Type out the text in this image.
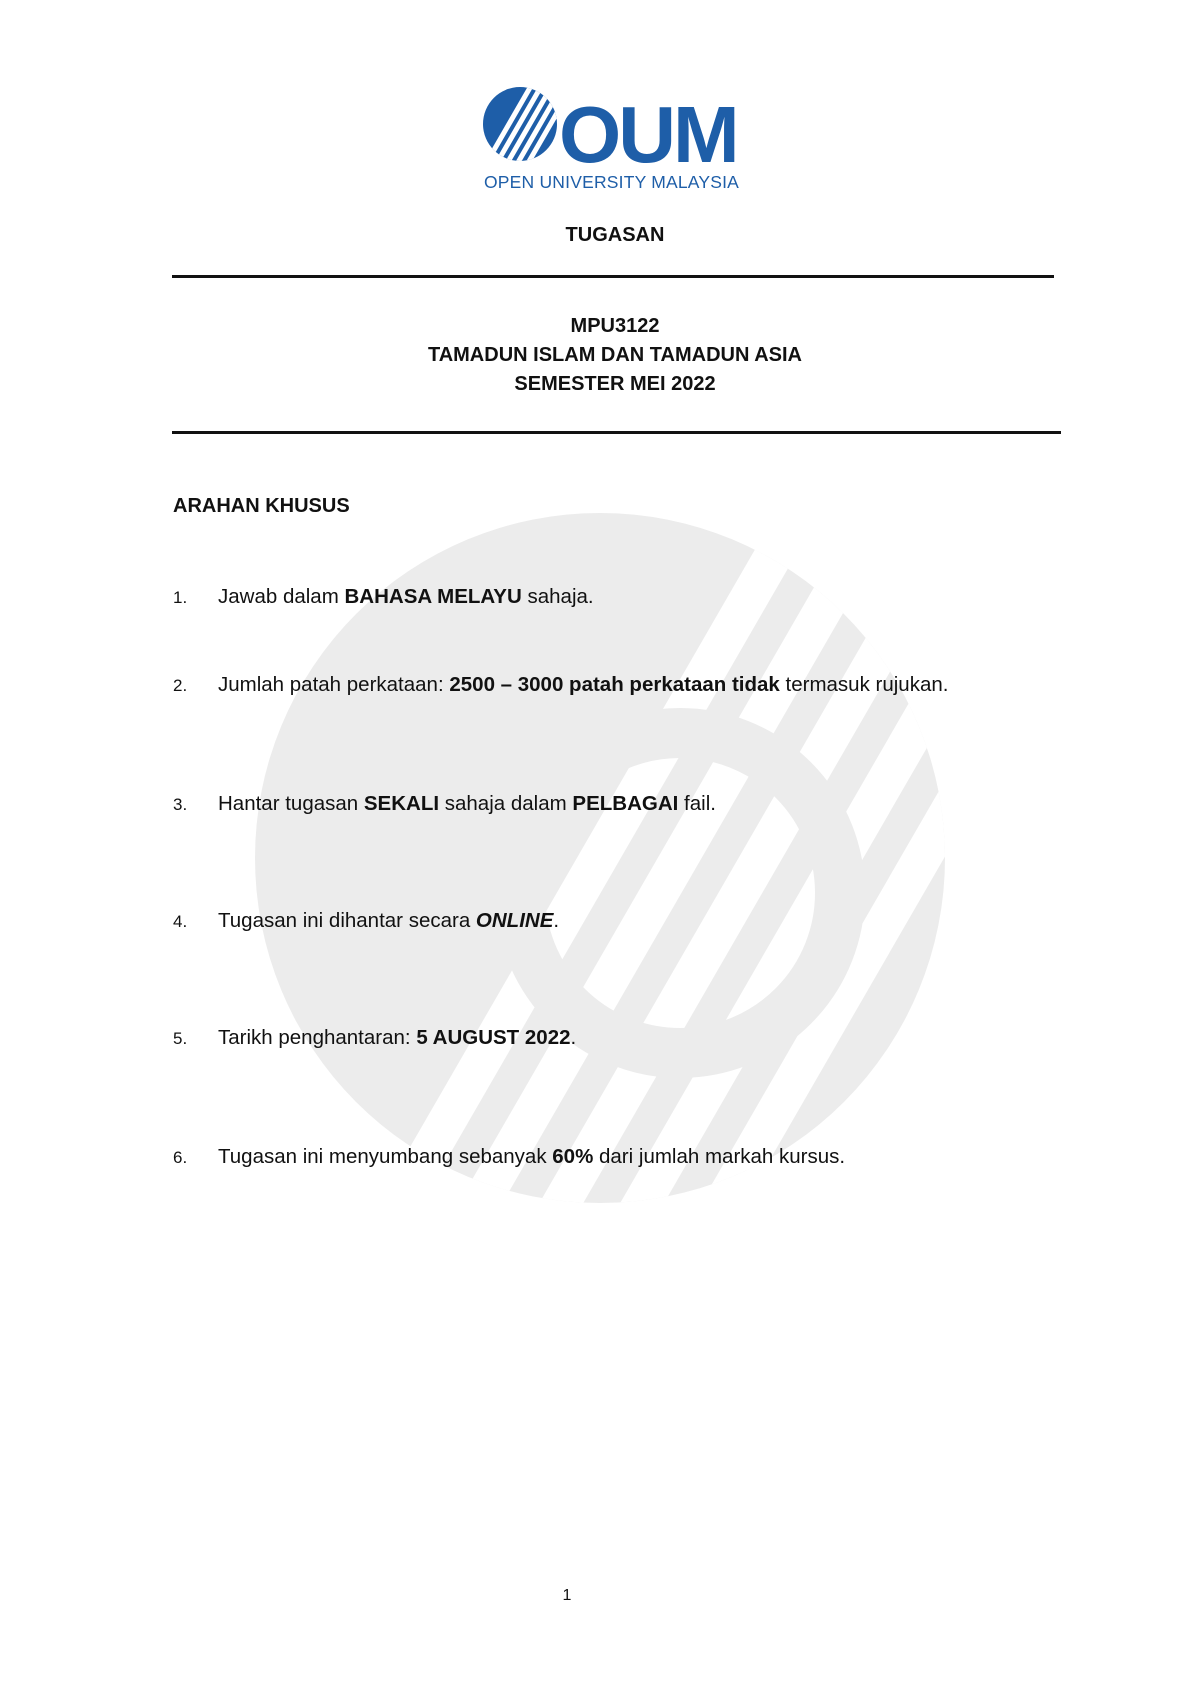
OUM
OPEN UNIVERSITY MALAYSIA
TUGASAN
MPU3122
TAMADUN ISLAM DAN TAMADUN ASIA
SEMESTER MEI 2022
ARAHAN KHUSUS
1. Jawab dalam BAHASA MELAYU sahaja.
2. Jumlah patah perkataan: 2500 – 3000 patah perkataan tidak termasuk rujukan.
3. Hantar tugasan SEKALI sahaja dalam PELBAGAI fail.
4. Tugasan ini dihantar secara ONLINE.
5. Tarikh penghantaran: 5 AUGUST 2022.
6. Tugasan ini menyumbang sebanyak 60% dari jumlah markah kursus.
1
